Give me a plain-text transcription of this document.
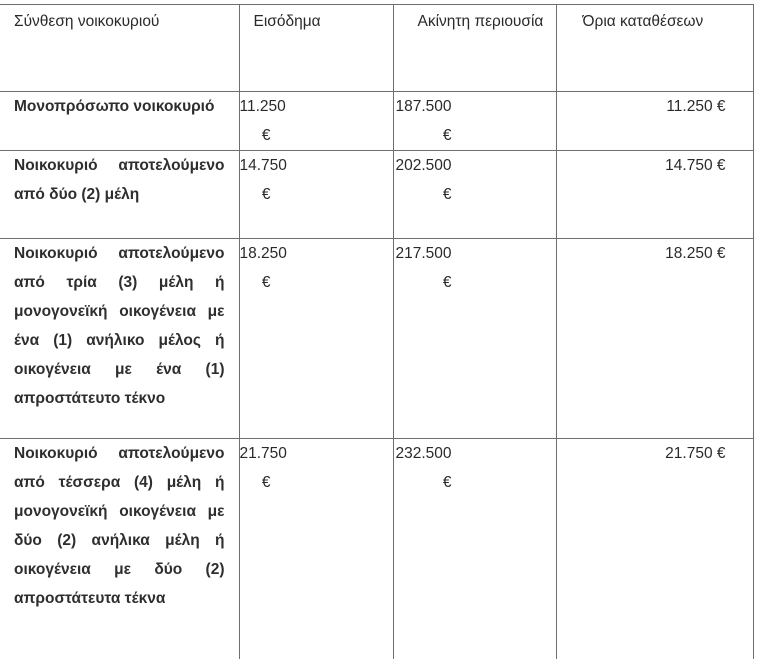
Σύνθεση νοικοκυριού	Εισόδημα	Ακίνητη περιουσία	Όρια καταθέσεων

Μονοπρόσωπο νοικοκυριό	11.250 €	187.500 €	11.250 €

Νοικοκυριό αποτελούμενο από δύο (2) μέλη	14.750 €	202.500 €	14.750 €

Νοικοκυριό αποτελούμενο από τρία (3) μέλη ή μονογονεϊκή οικογένεια με ένα (1) ανήλικο μέλος ή οικογένεια με ένα (1) απροστάτευτο τέκνο	18.250 €	217.500 €	18.250 €

Νοικοκυριό αποτελούμενο από τέσσερα (4) μέλη ή μονογονεϊκή οικογένεια με δύο (2) ανήλικα μέλη ή οικογένεια με δύο (2) απροστάτευτα τέκνα	21.750 €	232.500 €	21.750 €
